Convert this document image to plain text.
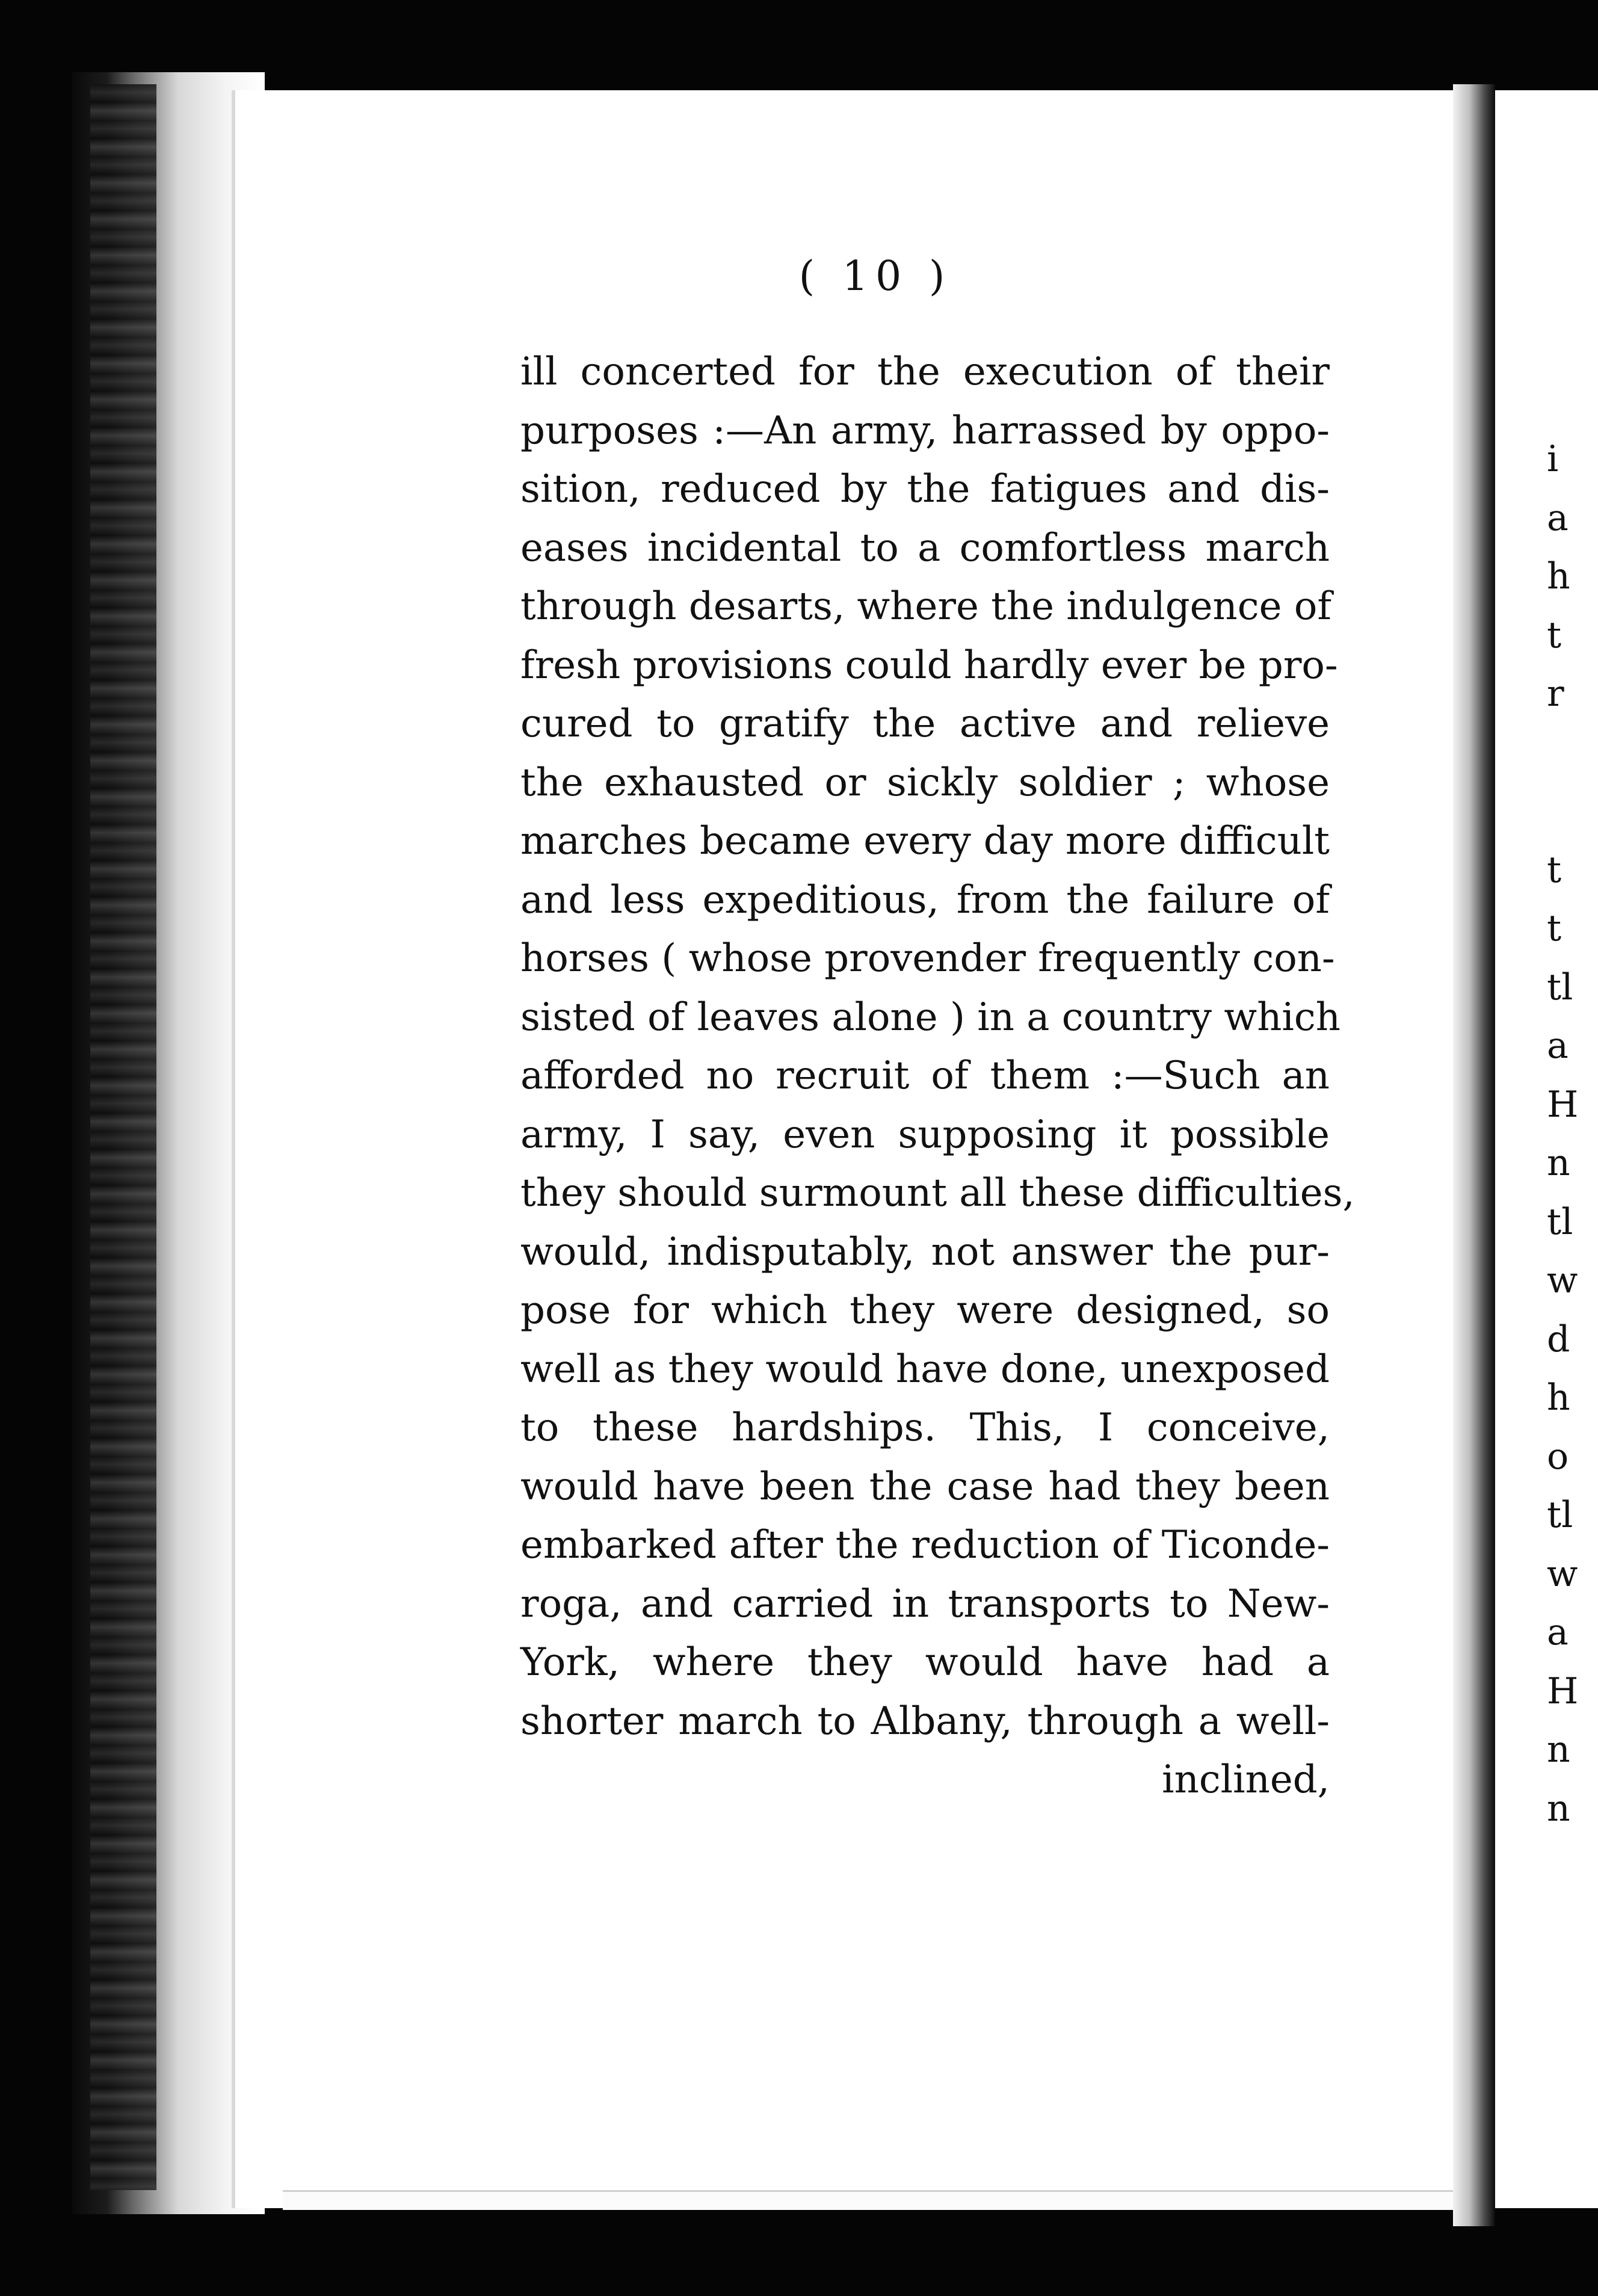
i
a
h
t
r
t
t
tl
a
H
n
tl
w
d
h
o
tl
w
a
H
n
n
( 10 )
ill concerted for the execution of their
purposes :—An army, harrassed by oppo-
sition, reduced by the fatigues and dis-
eases incidental to a comfortless march
through desarts, where the indulgence of
fresh provisions could hardly ever be pro-
cured to gratify the active and relieve
the exhausted or sickly soldier ; whose
marches became every day more difficult
and less expeditious, from the failure of
horses ( whose provender frequently con-
sisted of leaves alone ) in a country which
afforded no recruit of them :—Such an
army, I say, even supposing it possible
they should surmount all these difficulties,
would, indisputably, not answer the pur-
pose for which they were designed, so
well as they would have done, unexposed
to these hardships. This, I conceive,
would have been the case had they been
embarked after the reduction of Ticonde-
roga, and carried in transports to New-
York, where they would have had a
shorter march to Albany, through a well-
inclined,
